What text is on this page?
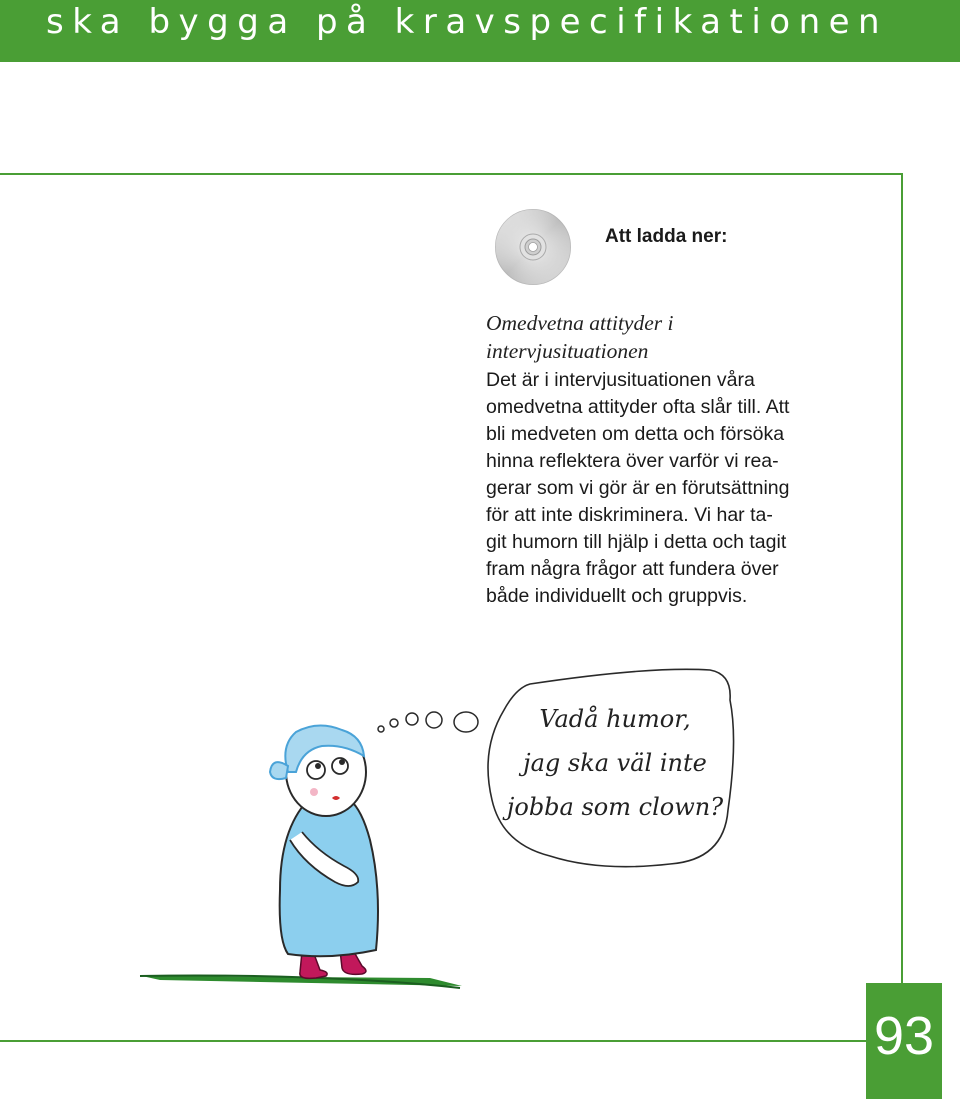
ska bygga på kravspecifikationen
Att ladda ner:
Omedvetna attityder i
intervjusituationen
Det är i intervjusituationen våra
omedvetna attityder ofta slår till. Att
bli medveten om detta och försöka
hinna reflektera över varför vi rea-
gerar som vi gör är en förutsättning
för att inte diskriminera. Vi har ta-
git humorn till hjälp i detta och tagit
fram några frågor att fundera över
både individuellt och gruppvis.
Vadå humor,
jag ska väl inte
jobba som clown?
93
